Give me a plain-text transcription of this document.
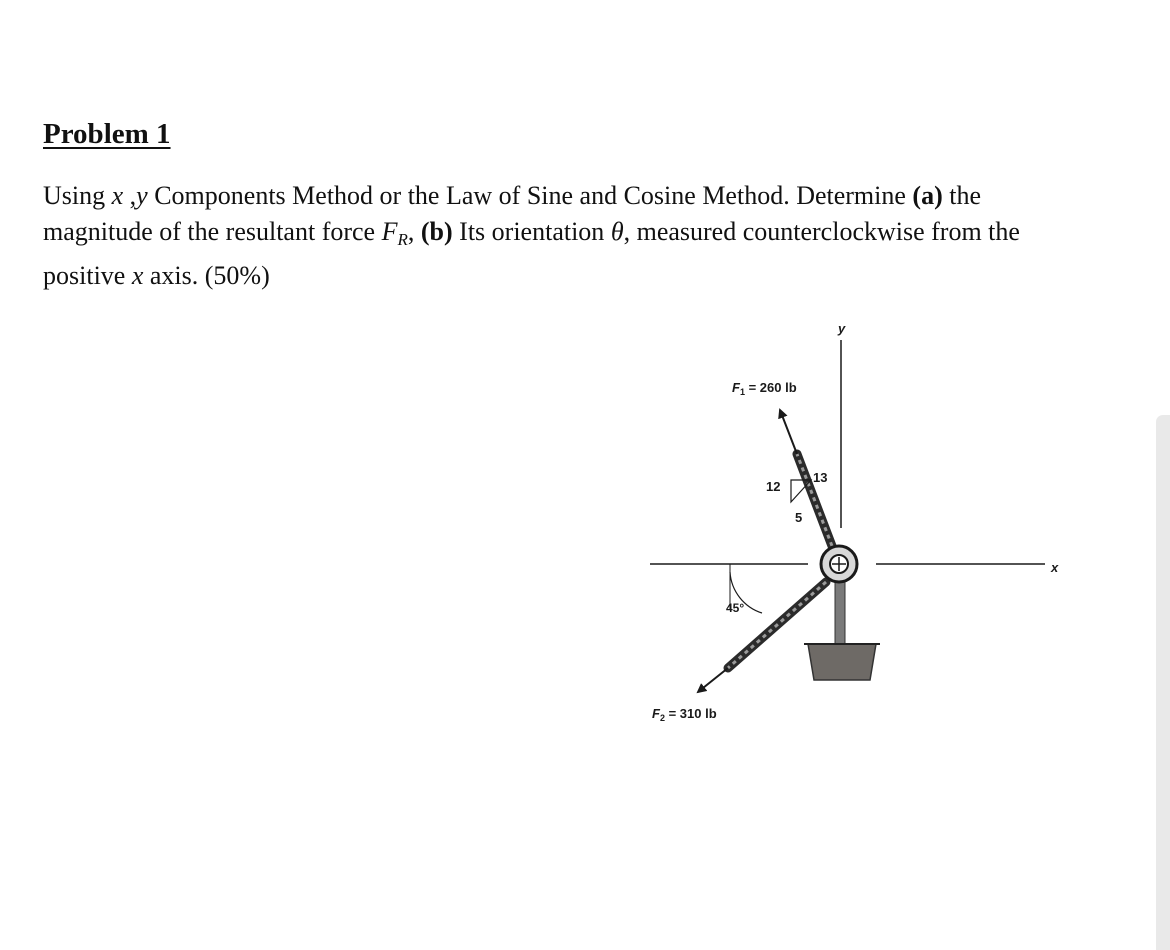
Problem 1
Using x ,y Components Method or the Law of Sine and Cosine Method. Determine (a) the
magnitude of the resultant force $F_R$, (b) Its orientation θ, measured counterclockwise from the
positive x axis. (50%)
x
y
12
13
5
45°
$F_1 = 260$ lb
$F_2 = 310$ lb
